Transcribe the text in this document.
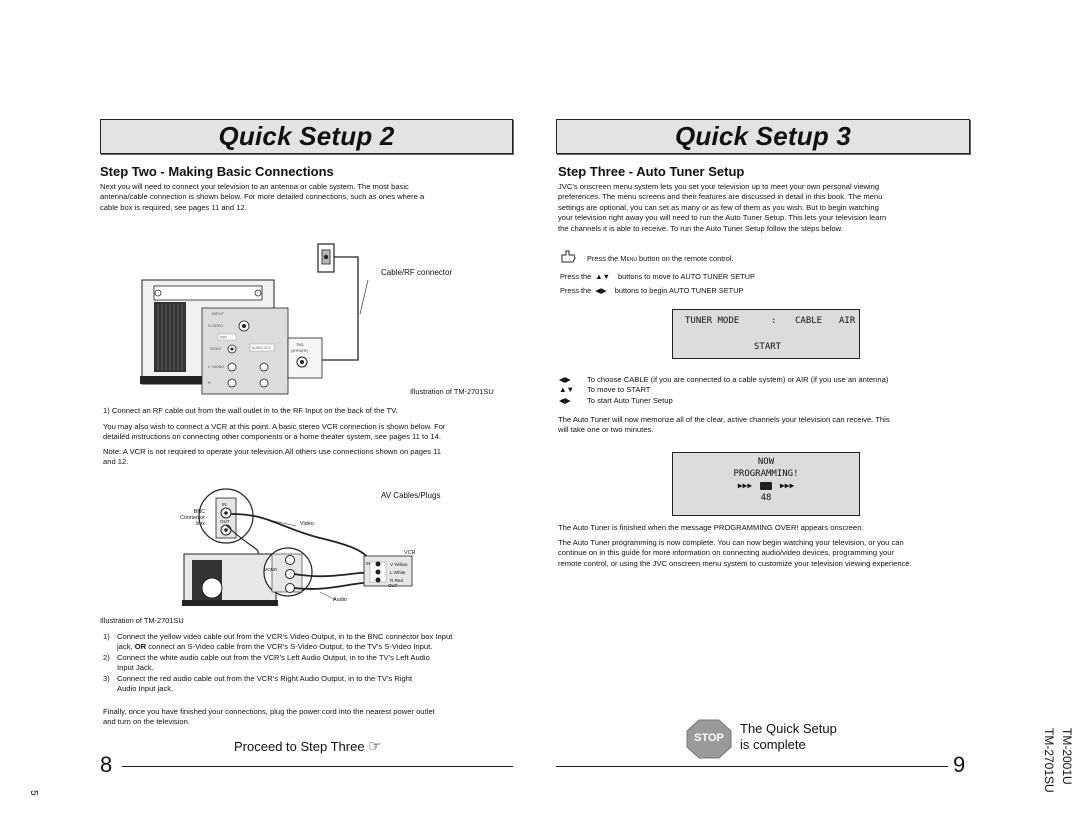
Quick Setup 2
Step Two - Making Basic Connections
Next you will need to connect your television to an antenna or cable system. The most basic
antenna/cable connection is shown below. For more detailed connections, such as ones where a
cable box is required, see pages 11 and 12.
INPUT
S-VIDEO
V/IN
VIDEO	AUDIO OUT
L / MONO
R
75Ω
(VHF/UHF)
Cable/RF connector
Illustration of TM-2701SU
1) Connect an RF cable out from the wall outlet in to the RF Input on the back of the TV.
You may also wish to connect a VCR at this point. A basic stereo VCR connection is shown below. For
detailed instructions on connecting other components or a home theater system, see pages 11 to 14.
Note: A VCR is not required to operate your television.All others use connections shown on pages 11
and 12.
AV Cables/Plugs
BNC
Connector
box
IN
OUT	Video
VCR
IN
OUT
V Yellow
L White
R Red
MONO
Audio
Illustration of TM-2701SU
1) Connect the yellow video cable out from the VCR’s Video Output, in to the BNC connector box Input
jack, OR connect an S-Video cable from the VCR’s S-Video Output, to the TV’s S-Video Input.
2) Connect the white audio cable out from the VCR’s Left Audio Output, in to the TV’s Left Audio
Input Jack.
3) Connect the red audio cable out from the VCR’s Right Audio Output, in to the TV’s Right
Audio Input jack.
Finally, once you have finished your connections, plug the power cord into the nearest power outlet
and turn on the television.
Proceed to Step Three ☞
8
Quick Setup 3
Step Three - Auto Tuner Setup
JVC’s onscreen menu system lets you set your television up to meet your own personal viewing
preferences. The menu screens and their features are discussed in detail in this book. The menu
settings are optional, you can set as many or as few of them as you wish. But to begin watching
your television right away you will need to run the Auto Tuner Setup. This lets your television learn
the channels it is able to receive. To run the Auto Tuner Setup follow the steps below.
Press the Menu button on the remote control.
Press the ▲▼ buttons to move to AUTO TUNER SETUP
Press the ◀▶ buttons to begin AUTO TUNER SETUP
TUNER MODE	: CABLE AIR
START
◀▶ To choose CABLE (if you are connected to a cable system) or AIR (if you use an antenna)
▲▼ To move to START
◀▶ To start Auto Tuner Setup
The Auto Tuner will now memorize all of the clear, active channels your television can receive. This
will take one or two minutes.
NOW
PROGRAMMING!
▶▶▶	▶▶▶
48
The Auto Tuner is finished when the message PROGRAMMING OVER! appears onscreen.
The Auto Tuner programming is now complete. You can now begin watching your television, or you can
continue on in this guide for more information on connecting audio/video devices, programming your
remote control, or using the JVC onscreen menu system to customize your television viewing experience.
STOP
The Quick Setup
is complete
9	TM-2001U
TM-2701SU
5
